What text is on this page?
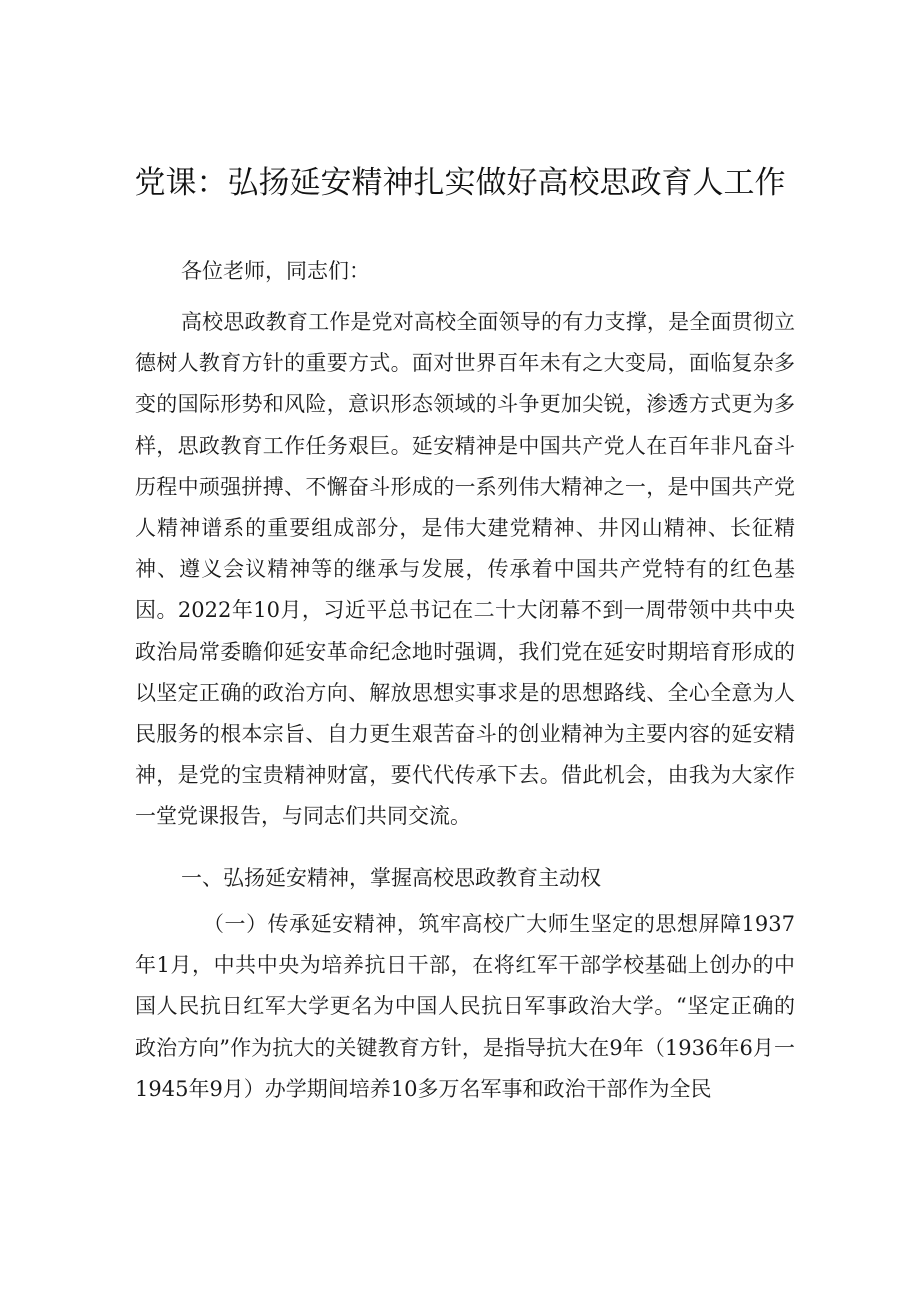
党课：弘扬延安精神扎实做好高校思政育人工作

各位老师，同志们：

高校思政教育工作是党对高校全面领导的有力支撑，是全面贯彻立德树人教育方针的重要方式。面对世界百年未有之大变局，面临复杂多变的国际形势和风险，意识形态领域的斗争更加尖锐，渗透方式更为多样，思政教育工作任务艰巨。延安精神是中国共产党人在百年非凡奋斗历程中顽强拼搏、不懈奋斗形成的一系列伟大精神之一，是中国共产党人精神谱系的重要组成部分，是伟大建党精神、井冈山精神、长征精神、遵义会议精神等的继承与发展，传承着中国共产党特有的红色基因。2022年10月，习近平总书记在二十大闭幕不到一周带领中共中央政治局常委瞻仰延安革命纪念地时强调，我们党在延安时期培育形成的以坚定正确的政治方向、解放思想实事求是的思想路线、全心全意为人民服务的根本宗旨、自力更生艰苦奋斗的创业精神为主要内容的延安精神，是党的宝贵精神财富，要代代传承下去。借此机会，由我为大家作一堂党课报告，与同志们共同交流。

一、弘扬延安精神，掌握高校思政教育主动权

（一）传承延安精神，筑牢高校广大师生坚定的思想屏障1937年1月，中共中央为培养抗日干部，在将红军干部学校基础上创办的中国人民抗日红军大学更名为中国人民抗日军事政治大学。“坚定正确的政治方向”作为抗大的关键教育方针，是指导抗大在9年（1936年6月一1945年9月）办学期间培养10多万名军事和政治干部作为全民
